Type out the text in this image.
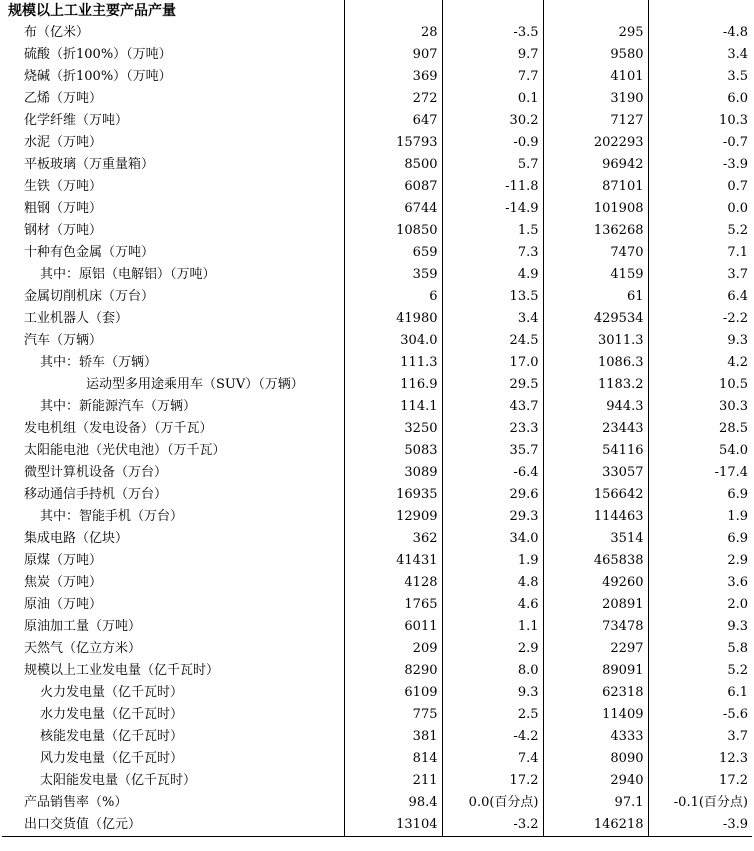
规模以上工业主要产品产量				
布（亿米）	28	-3.5	295	-4.8
硫酸（折100%）（万吨）	907	9.7	9580	3.4
烧碱（折100%）（万吨）	369	7.7	4101	3.5
乙烯（万吨）	272	0.1	3190	6.0
化学纤维（万吨）	647	30.2	7127	10.3
水泥（万吨）	15793	-0.9	202293	-0.7
平板玻璃（万重量箱）	8500	5.7	96942	-3.9
生铁（万吨）	6087	-11.8	87101	0.7
粗钢（万吨）	6744	-14.9	101908	0.0
钢材（万吨）	10850	1.5	136268	5.2
十种有色金属（万吨）	659	7.3	7470	7.1
其中：原铝（电解铝）（万吨）	359	4.9	4159	3.7
金属切削机床（万台）	6	13.5	61	6.4
工业机器人（套）	41980	3.4	429534	-2.2
汽车（万辆）	304.0	24.5	3011.3	9.3
其中：轿车（万辆）	111.3	17.0	1086.3	4.2
运动型多用途乘用车（SUV）（万辆）	116.9	29.5	1183.2	10.5
其中：新能源汽车（万辆）	114.1	43.7	944.3	30.3
发电机组（发电设备）（万千瓦）	3250	23.3	23443	28.5
太阳能电池（光伏电池）（万千瓦）	5083	35.7	54116	54.0
微型计算机设备（万台）	3089	-6.4	33057	-17.4
移动通信手持机（万台）	16935	29.6	156642	6.9
其中：智能手机（万台）	12909	29.3	114463	1.9
集成电路（亿块）	362	34.0	3514	6.9
原煤（万吨）	41431	1.9	465838	2.9
焦炭（万吨）	4128	4.8	49260	3.6
原油（万吨）	1765	4.6	20891	2.0
原油加工量（万吨）	6011	1.1	73478	9.3
天然气（亿立方米）	209	2.9	2297	5.8
规模以上工业发电量（亿千瓦时）	8290	8.0	89091	5.2
火力发电量（亿千瓦时）	6109	9.3	62318	6.1
水力发电量（亿千瓦时）	775	2.5	11409	-5.6
核能发电量（亿千瓦时）	381	-4.2	4333	3.7
风力发电量（亿千瓦时）	814	7.4	8090	12.3
太阳能发电量（亿千瓦时）	211	17.2	2940	17.2
产品销售率（%）	98.4	0.0(百分点)	97.1	-0.1(百分点)
出口交货值（亿元）	13104	-3.2	146218	-3.9
